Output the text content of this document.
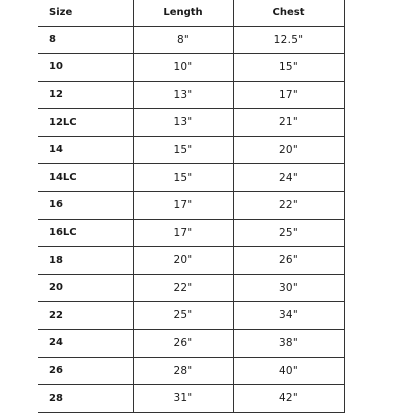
Size	Length	Chest
8	8"	12.5"
10	10"	15"
12	13"	17"
12LC	13"	21"
14	15"	20"
14LC	15"	24"
16	17"	22"
16LC	17"	25"
18	20"	26"
20	22"	30"
22	25"	34"
24	26"	38"
26	28"	40"
28	31"	42"
